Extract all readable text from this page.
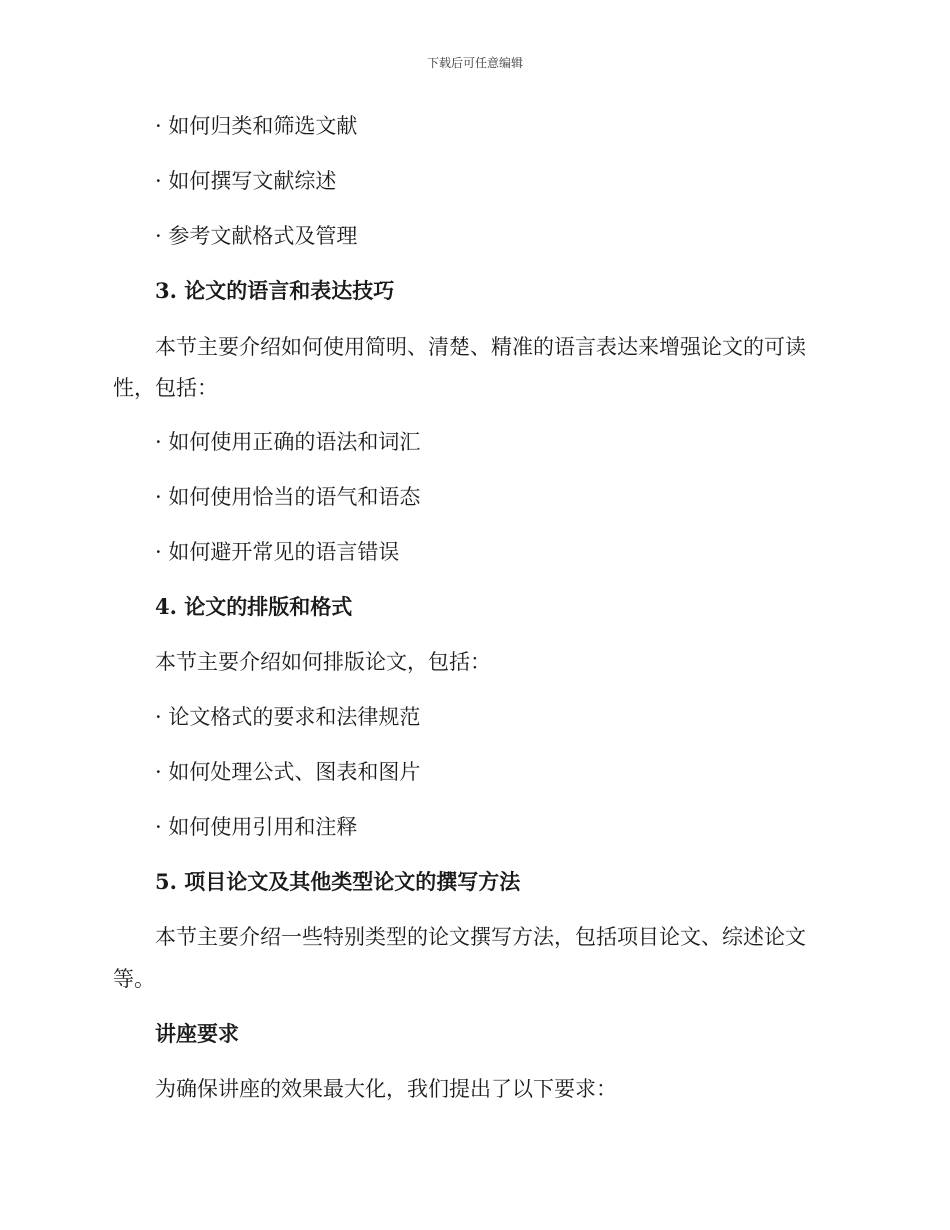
下载后可任意编辑
· 如何归类和筛选文献
· 如何撰写文献综述
· 参考文献格式及管理
3. 论文的语言和表达技巧
本节主要介绍如何使用简明、清楚、精准的语言表达来增强论文的可读
性，包括：
· 如何使用正确的语法和词汇
· 如何使用恰当的语气和语态
· 如何避开常见的语言错误
4. 论文的排版和格式
本节主要介绍如何排版论文，包括：
· 论文格式的要求和法律规范
· 如何处理公式、图表和图片
· 如何使用引用和注释
5. 项目论文及其他类型论文的撰写方法
本节主要介绍一些特别类型的论文撰写方法，包括项目论文、综述论文
等。
讲座要求
为确保讲座的效果最大化，我们提出了以下要求：
